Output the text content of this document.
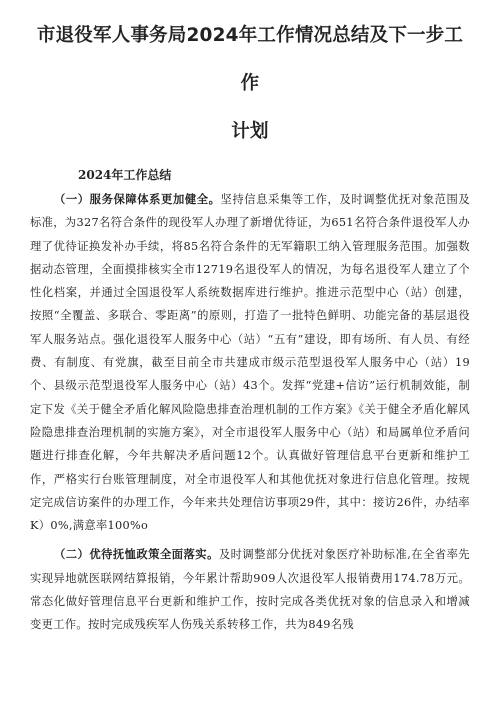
市退役军人事务局2024年工作情况总结及下一步工作
计划

2024年工作总结

（一）服务保障体系更加健全。坚持信息采集等工作，及时调整优抚对象范围及标准，为327名符合条件的现役军人办理了新增优待证，为651名符合条件退役军人办理了优待证换发补办手续，将85名符合条件的无军籍职工纳入管理服务范围。加强数据动态管理，全面摸排核实全市12719名退役军人的情况，为每名退役军人建立了个性化档案，并通过全国退役军人系统数据库进行维护。推进示范型中心（站）创建，按照“全覆盖、多联合、零距离”的原则，打造了一批特色鲜明、功能完备的基层退役军人服务站点。强化退役军人服务中心（站）“五有”建设，即有场所、有人员、有经费、有制度、有党旗，截至目前全市共建成市级示范型退役军人服务中心（站）19个、县级示范型退役军人服务中心（站）43个。发挥“党建+信访”运行机制效能，制定下发《关于健全矛盾化解风险隐患排查治理机制的工作方案》《关于健全矛盾化解风险隐患排查治理机制的实施方案》，对全市退役军人服务中心（站）和局属单位矛盾问题进行排查化解，今年共解决矛盾问题12个。认真做好管理信息平台更新和维护工作，严格实行台账管理制度，对全市退役军人和其他优抚对象进行信息化管理。按规定完成信访案件的办理工作，今年来共处理信访事项29件，其中：接访26件，办结率K）0%,满意率100%o

（二）优待抚恤政策全面落实。及时调整部分优抚对象医疗补助标准,在全省率先实现异地就医联网结算报销，今年累计帮助909人次退役军人报销费用174.78万元。常态化做好管理信息平台更新和维护工作，按时完成各类优抚对象的信息录入和增减变更工作。按时完成残疾军人伤残关系转移工作，共为849名残
